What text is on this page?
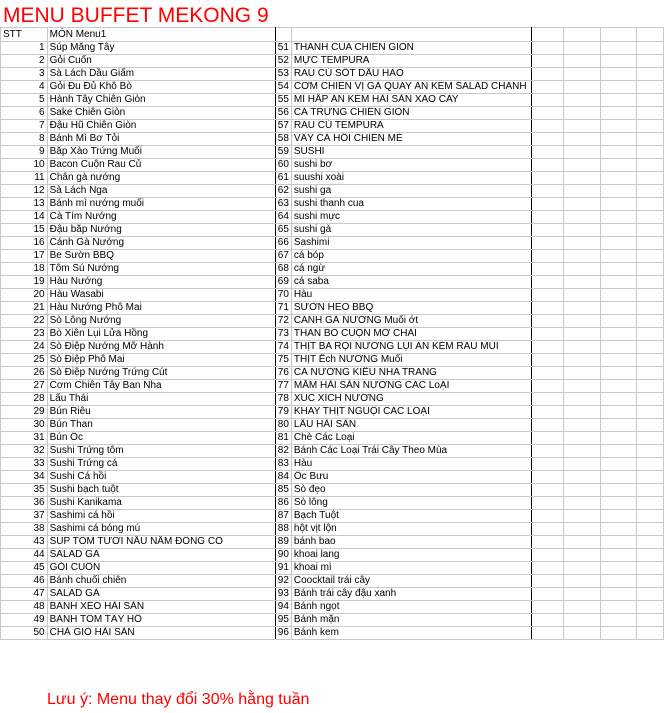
MENU BUFFET MEKONG 9
STT	MÓN Menu1						
1	Súp Măng Tây	51	THANH CUA CHIÊN GIÒN				
2	Gỏi Cuốn	52	MỰC TEMPURA				
3	Sà Lách Dầu Giấm	53	RAU CỦ SỐT DẦU HÀO				
4	Gỏi Đu Đủ Khô Bò	54	CƠM CHIÊN VỊ GÀ QUAY ĂN KÈM SALAD CHANH				
5	Hành Tây Chiên Giòn	55	MÌ HẤP ĂN KÈM HẢI SẢN XÀO CAY				
6	Sake Chiên Giòn	56	CÁ TRỨNG CHIÊN GIÒN				
7	Đậu Hũ Chiên Giòn	57	RAU CỦ TEMPURA				
8	Bánh Mì Bơ Tỏi	58	VÂY CÁ HỒI CHIÊN MÈ				
9	Bắp Xào Trứng Muối	59	SUSHI				
10	Bacon Cuộn Rau Củ	60	sushi bơ				
11	Chân gà nướng	61	suushi xoài				
12	Sà Lách Nga	62	sushi ga				
13	Bánh mì nướng muối	63	sushi thanh cua				
14	Cà Tím Nướng	64	sushi mực				
15	Đậu bắp Nướng	65	sushi gà				
16	Cánh Gà Nướng	66	Sashimi				
17	Be Sườn BBQ	67	cá bóp				
18	Tôm Sú Nướng	68	cá ngừ				
19	Hàu Nướng	69	cá saba				
20	Hàu Wasabi	70	Hàu				
21	Hàu Nướng Phô Mai	71	SƯỜN HEO BBQ				
22	Sò Lông Nướng	72	CÁNH GÀ NƯỚNG Muối ớt				
23	Bò Xiên Lụi Lửa Hồng	73	THAN BÒ CUỘN MỠ CHÀI				
24	Sò Điệp Nướng Mỡ Hành	74	THỊT BA RỌI NƯỚNG LỤI ĂN KÈM RAU MÙI				
25	Sò Điệp Phô Mai	75	THỊT Ếch NƯỚNG Muối				
26	Sò Điệp Nướng Trứng Cút	76	CÁ NƯỚNG KIỂU NHA TRANG				
27	Cơm Chiên Tây Ban Nha	77	MẮM HẢI SẢN NƯỚNG CÁC LoẠI				
28	Lẩu Thái	78	XÚC XÍCH NƯỚNG				
29	Bún Riêu	79	KHAY THỊT NGUỘI CÁC LOẠI				
30	Bún Than	80	LẨU HẢI SẢN				
31	Bún Ốc	81	Chè Các Loại				
32	Sushi Trứng tôm	82	Bánh Các Loại Trái Cây Theo Mùa				
33	Sushi Trứng cá	83	Hàu				
34	Sushi Cá hồi	84	Ốc Bưu				
35	Sushi bạch tuột	85	Sò đẹo				
36	Sushi Kanikama	86	Sò lông				
37	Sashimi cá hồi	87	Bạch Tuột				
38	Sashimi cá bóng mú	88	hột vịt lộn				
43	SÚP TÔM TƯƠI NẤU NẤM ĐÔNG CÔ	89	bánh bao				
44	SALAD GÀ	90	khoai lang				
45	GỎI CUỐN	91	khoai mì				
46	Bánh chuối chiên	92	Coocktail trái cây				
47	SALAD GÀ	93	Bánh trái cây đậu xanh				
48	BÁNH XÈO HẢI SẢN	94	Bánh ngọt				
49	BÁNH TÔM TÂY HỒ	95	Bánh mặn				
50	CHẢ GIÒ HẢI SẢN	96	Bánh kem				
Lưu ý: Menu thay đổi 30% hằng tuần
